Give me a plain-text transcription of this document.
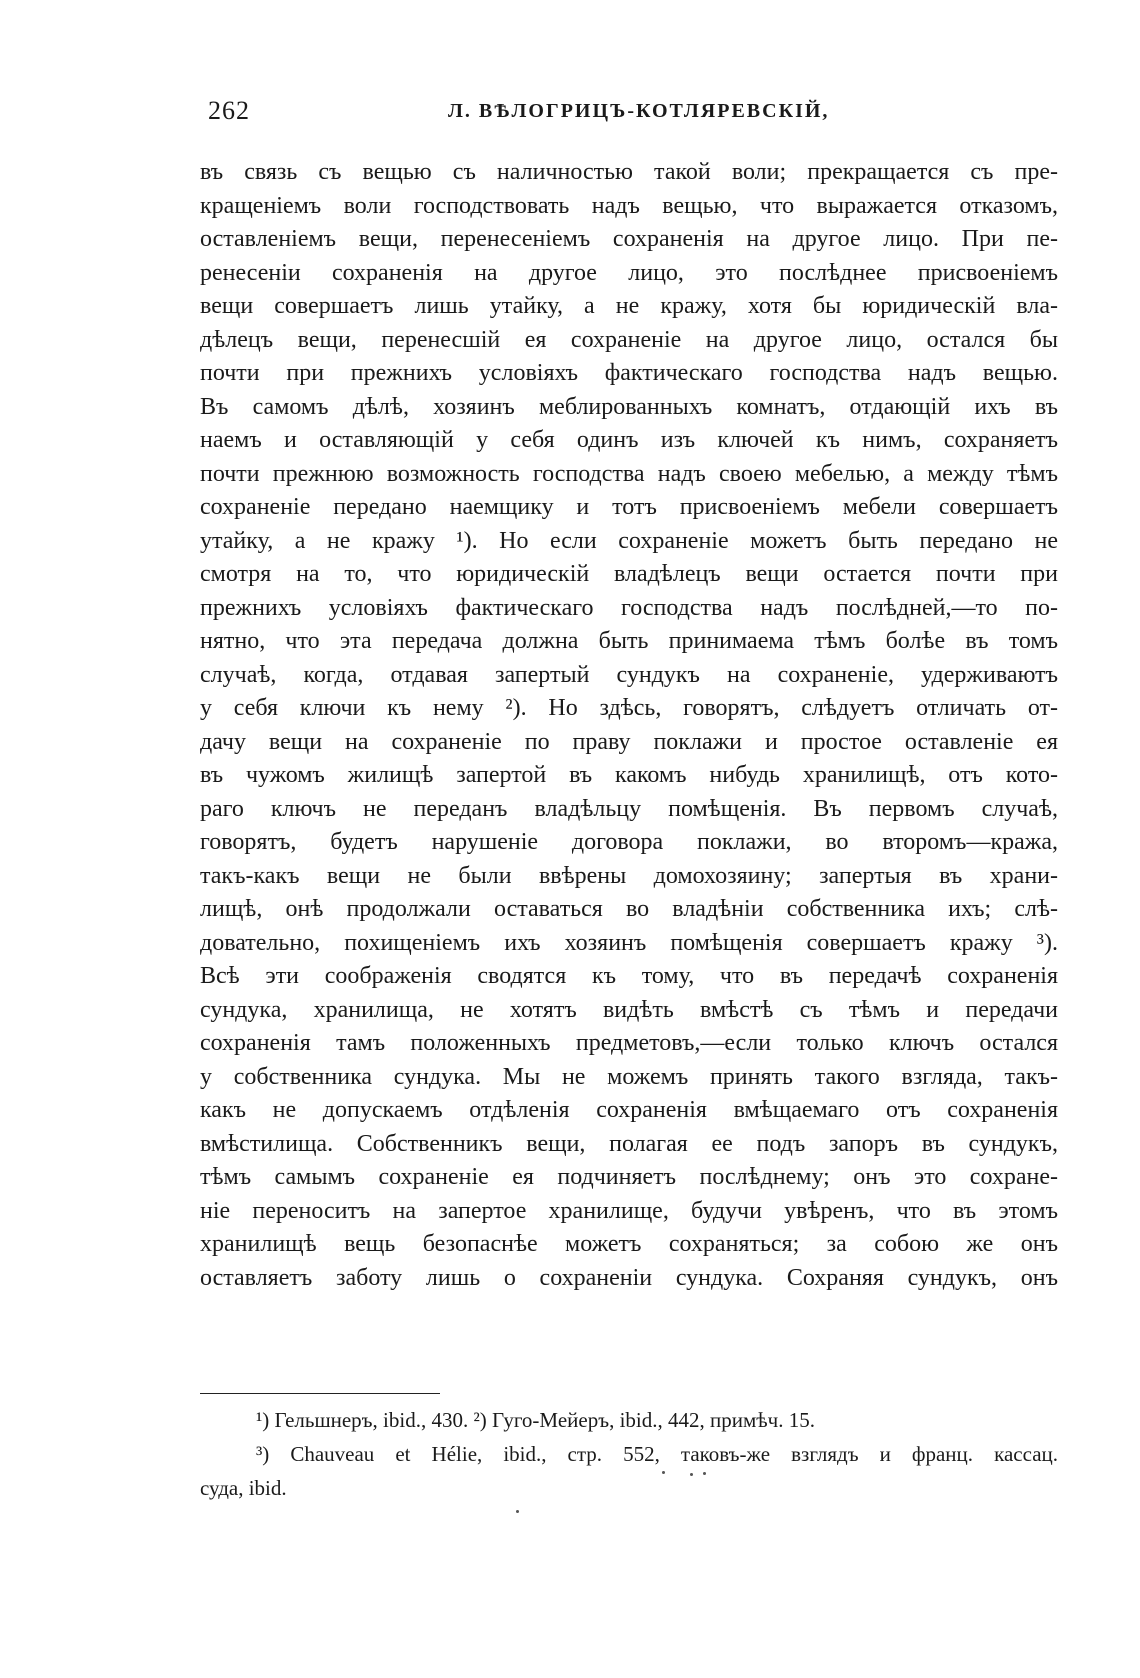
262	Л. ВѢЛОГРИЦЪ-КОТЛЯРЕВСКІЙ,
въ связь съ вещью съ наличностью такой воли; прекращается съ пре-
кращеніемъ воли господствовать надъ вещью, что выражается отказомъ,
оставленіемъ вещи, перенесеніемъ сохраненія на другое лицо. При пе-
ренесеніи сохраненія на другое лицо, это послѣднее присвоеніемъ
вещи совершаетъ лишь утайку, а не кражу, хотя бы юридическій вла-
дѣлецъ вещи, перенесшій ея сохраненіе на другое лицо, остался бы
почти при прежнихъ условіяхъ фактическаго господства надъ вещью.
Въ самомъ дѣлѣ, хозяинъ меблированныхъ комнатъ, отдающій ихъ въ
наемъ и оставляющій у себя одинъ изъ ключей къ нимъ, сохраняетъ
почти прежнюю возможность господства надъ своею мебелью, а между тѣмъ
сохраненіе передано наемщику и тотъ присвоеніемъ мебели совершаетъ
утайку, а не кражу ¹). Но если сохраненіе можетъ быть передано не
смотря на то, что юридическій владѣлецъ вещи остается почти при
прежнихъ условіяхъ фактическаго господства надъ послѣдней,—то по-
нятно, что эта передача должна быть принимаема тѣмъ болѣе въ томъ
случаѣ, когда, отдавая запертый сундукъ на сохраненіе, удерживаютъ
у себя ключи къ нему ²). Но здѣсь, говорятъ, слѣдуетъ отличать от-
дачу вещи на сохраненіе по праву поклажи и простое оставленіе ея
въ чужомъ жилищѣ запертой въ какомъ нибудь хранилищѣ, отъ кото-
раго ключъ не переданъ владѣльцу помѣщенія. Въ первомъ случаѣ,
говорятъ, будетъ нарушеніе договора поклажи, во второмъ—кража,
такъ-какъ вещи не были ввѣрены домохозяину; запертыя въ храни-
лищѣ, онѣ продолжали оставаться во владѣніи собственника ихъ; слѣ-
довательно, похищеніемъ ихъ хозяинъ помѣщенія совершаетъ кражу ³).
Всѣ эти соображенія сводятся къ тому, что въ передачѣ сохраненія
сундука, хранилища, не хотятъ видѣть вмѣстѣ съ тѣмъ и передачи
сохраненія тамъ положенныхъ предметовъ,—если только ключъ остался
у собственника сундука. Мы не можемъ принять такого взгляда, такъ-
какъ не допускаемъ отдѣленія сохраненія вмѣщаемаго отъ сохраненія
вмѣстилища. Собственникъ вещи, полагая ее подъ запоръ въ сундукъ,
тѣмъ самымъ сохраненіе ея подчиняетъ послѣднему; онъ это сохране-
ніе переноситъ на запертое хранилище, будучи увѣренъ, что въ этомъ
хранилищѣ вещь безопаснѣе можетъ сохраняться; за собою же онъ
оставляетъ заботу лишь о сохраненіи сундука. Сохраняя сундукъ, онъ
¹) Гельшнеръ, ibid., 430. ²) Гуго-Мейеръ, ibid., 442, примѣч. 15.
³) Chauveau et Hélie, ibid., стр. 552, таковъ-же взглядъ и франц. кассац.
суда, ibid.
